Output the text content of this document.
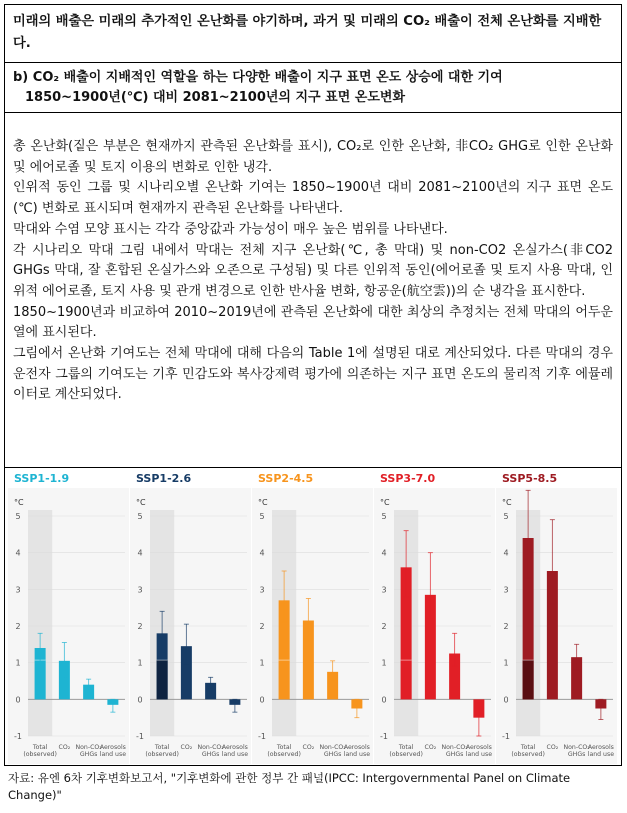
미래의 배출은 미래의 추가적인 온난화를 야기하며, 과거 및 미래의 CO₂ 배출이 전체 온난화를 지배한다.
b) CO₂ 배출이 지배적인 역할을 하는 다양한 배출이 지구 표면 온도 상승에 대한 기여
1850~1900년(℃) 대비 2081~2100년의 지구 표면 온도변화

총 온난화(짙은 부분은 현재까지 관측된 온난화를 표시), CO₂로 인한 온난화, 非CO₂ GHG로 인한 온난화 및 에어로졸 및 토지 이용의 변화로 인한 냉각.

인위적 동인 그룹 및 시나리오별 온난화 기여는 1850~1900년 대비 2081~2100년의 지구 표면 온도(℃) 변화로 표시되며 현재까지 관측된 온난화를 나타낸다.

막대와 수염 모양 표시는 각각 중앙값과 가능성이 매우 높은 범위를 나타낸다.

각 시나리오 막대 그림 내에서 막대는 전체 지구 온난화(℃, 총 막대) 및 non-CO2 온실가스(非CO2 GHGs 막대, 잘 혼합된 온실가스와 오존으로 구성됨) 및 다른 인위적 동인(에어로졸 및 토지 사용 막대, 인위적 에어로졸, 토지 사용 및 관개 변경으로 인한 반사율 변화, 항공운(航空雲))의 순 냉각을 표시한다.

1850~1900년과 비교하여 2010~2019년에 관측된 온난화에 대한 최상의 추정치는 전체 막대의 어두운 열에 표시된다.

그림에서 온난화 기여도는 전체 막대에 대해 다음의 Table 1에 설명된 대로 계산되었다. 다른 막대의 경우 운전자 그룹의 기여도는 기후 민감도와 복사강제력 평가에 의존하는 지구 표면 온도의 물리적 기후 에뮬레이터로 계산되었다.

SSP1-1.9
°C
5
4
3
2
1
0
-1
Total
(observed)
CO₂ Non-CO₂
GHGs
Aerosols
land use
SSP1-2.6
°C
5
4
3
2
1
0
-1
Total
(observed)
CO₂ Non-CO₂
GHGs
Aerosols
land use
SSP2-4.5
°C
5
4
3
2
1
0
-1
Total
(observed)
CO₂ Non-CO₂
GHGs
Aerosols
land use
SSP3-7.0
°C
5
4
3
2
1
0
-1
Total
(observed)
CO₂ Non-CO₂
GHGs
Aerosols
land use
SSP5-8.5
°C
5
4
3
2
1
0
-1
Total
(observed)
CO₂ Non-CO₂
GHGs
Aerosols
land use
자료: 유엔 6차 기후변화보고서, "기후변화에 관한 정부 간 패널(IPCC: Intergovernmental Panel on Climate Change)"
